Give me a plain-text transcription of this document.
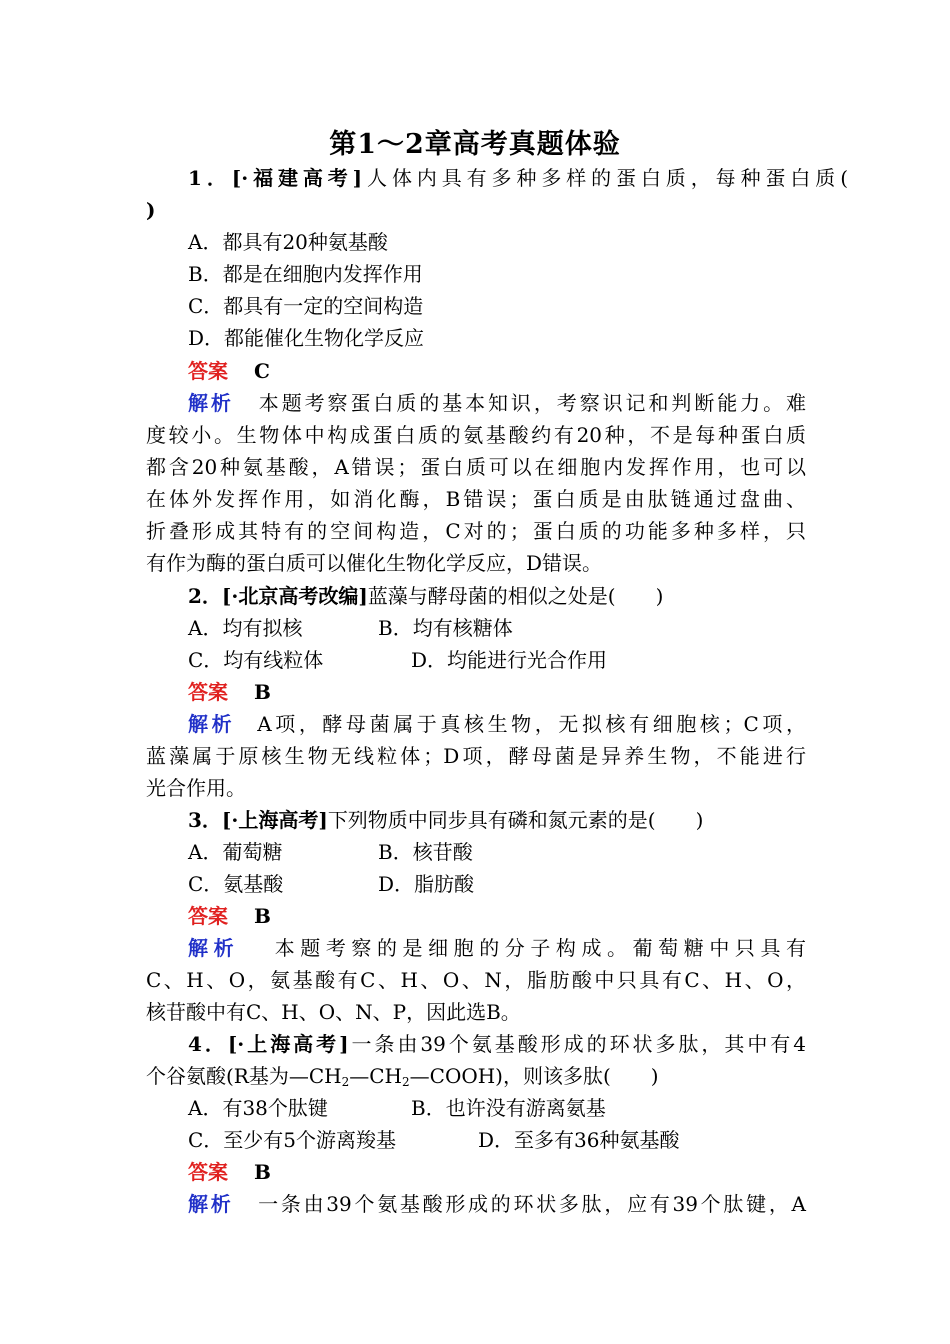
第1～2章高考真题体验
1．[·福建高考]人体内具有多种多样的蛋白质，每种蛋白质(
)
A．都具有20种氨基酸
B．都是在细胞内发挥作用
C．都具有一定的空间构造
D．都能催化生物化学反应
答案 C
解析 本题考察蛋白质的基本知识，考察识记和判断能力。难
度较小。生物体中构成蛋白质的氨基酸约有20种，不是每种蛋白质
都含20种氨基酸，A错误；蛋白质可以在细胞内发挥作用，也可以
在体外发挥作用，如消化酶，B错误；蛋白质是由肽链通过盘曲、
折叠形成其特有的空间构造，C对的；蛋白质的功能多种多样，只
有作为酶的蛋白质可以催化生物化学反应，D错误。
2．[·北京高考改编]蓝藻与酵母菌的相似之处是(　　)
A．均有拟核	B．均有核糖体
C．均有线粒体	D．均能进行光合作用
答案 B
解析 A项，酵母菌属于真核生物，无拟核有细胞核；C项，
蓝藻属于原核生物无线粒体；D项，酵母菌是异养生物，不能进行
光合作用。
3．[·上海高考]下列物质中同步具有磷和氮元素的是(　　)
A．葡萄糖	B．核苷酸
C．氨基酸	D．脂肪酸
答案 B
解析 本题考察的是细胞的分子构成。葡萄糖中只具有
C、H、O，氨基酸有C、H、O、N，脂肪酸中只具有C、H、O，
核苷酸中有C、H、O、N、P，因此选B。
4．[·上海高考]一条由39个氨基酸形成的环状多肽，其中有4
个谷氨酸(R基为$—CH_2—CH_2—COOH$)，则该多肽(　　)
A．有38个肽键	B．也许没有游离氨基
C．至少有5个游离羧基	D．至多有36种氨基酸
答案 B
解析 一条由39个氨基酸形成的环状多肽，应有39个肽键，A
